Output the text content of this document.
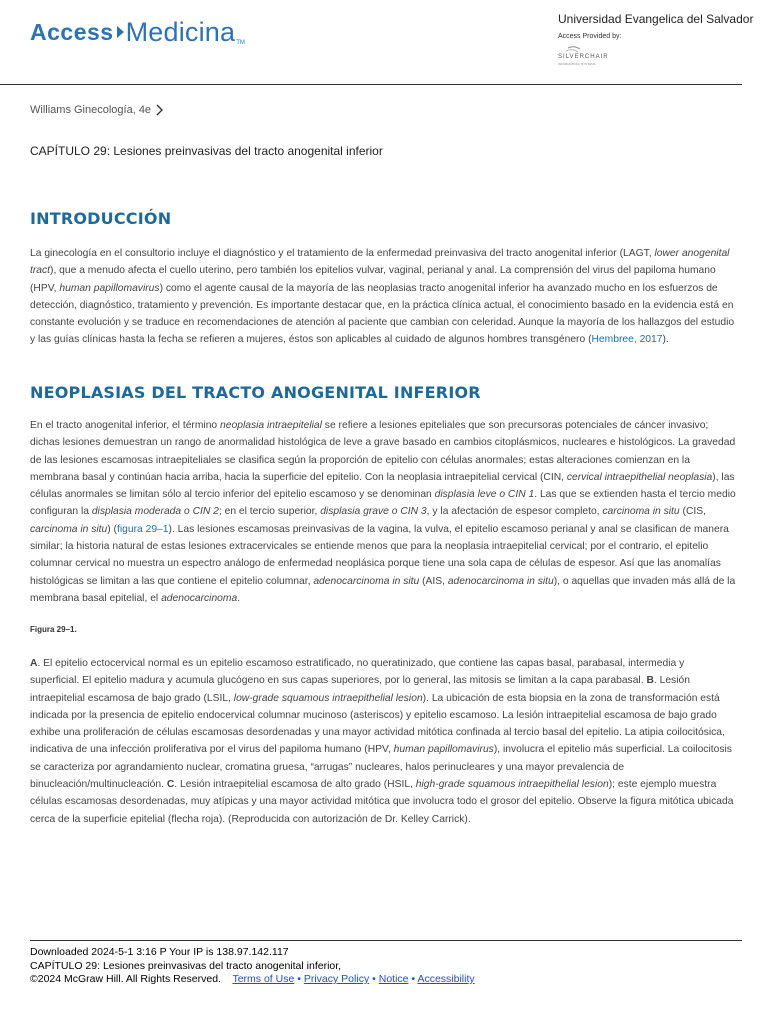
Access Medicina TM
Universidad Evangelica del Salvador
Access Provided by:
SILVERCHAIR
INFORMATION / SYSTEMS
Williams Ginecología, 4e
CAPÍTULO 29: Lesiones preinvasivas del tracto anogenital inferior
INTRODUCCIÓN

La ginecología en el consultorio incluye el diagnóstico y el tratamiento de la enfermedad preinvasiva del tracto anogenital inferior (LAGT, lower anogenital tract), que a menudo afecta el cuello uterino, pero también los epitelios vulvar, vaginal, perianal y anal. La comprensión del virus del papiloma humano (HPV, human papillomavirus) como el agente causal de la mayoría de las neoplasias tracto anogenital inferior ha avanzado mucho en los esfuerzos de detección, diagnóstico, tratamiento y prevención. Es importante destacar que, en la práctica clínica actual, el conocimiento basado en la evidencia está en constante evolución y se traduce en recomendaciones de atención al paciente que cambian con celeridad. Aunque la mayoría de los hallazgos del estudio y las guías clínicas hasta la fecha se refieren a mujeres, éstos son aplicables al cuidado de algunos hombres transgénero (Hembree, 2017).

NEOPLASIAS DEL TRACTO ANOGENITAL INFERIOR

En el tracto anogenital inferior, el término neoplasia intraepitelial se refiere a lesiones epiteliales que son precursoras potenciales de cáncer invasivo; dichas lesiones demuestran un rango de anormalidad histológica de leve a grave basado en cambios citoplásmicos, nucleares e histológicos. La gravedad de las lesiones escamosas intraepiteliales se clasifica según la proporción de epitelio con células anormales; estas alteraciones comienzan en la membrana basal y continúan hacia arriba, hacia la superficie del epitelio. Con la neoplasia intraepitelial cervical (CIN, cervical intraepithelial neoplasia), las células anormales se limitan sólo al tercio inferior del epitelio escamoso y se denominan displasia leve o CIN 1. Las que se extienden hasta el tercio medio configuran la displasia moderada o CIN 2; en el tercio superior, displasia grave o CIN 3, y la afectación de espesor completo, carcinoma in situ (CIS, carcinoma in situ) (figura 29–1). Las lesiones escamosas preinvasivas de la vagina, la vulva, el epitelio escamoso perianal y anal se clasifican de manera similar; la historia natural de estas lesiones extracervicales se entiende menos que para la neoplasia intraepitelial cervical; por el contrario, el epitelio columnar cervical no muestra un espectro análogo de enfermedad neoplásica porque tiene una sola capa de células de espesor. Así que las anomalías histológicas se limitan a las que contiene el epitelio columnar, adenocarcinoma in situ (AIS, adenocarcinoma in situ), o aquellas que invaden más allá de la membrana basal epitelial, el adenocarcinoma.

Figura 29–1.

A. El epitelio ectocervical normal es un epitelio escamoso estratificado, no queratinizado, que contiene las capas basal, parabasal, intermedia y superficial. El epitelio madura y acumula glucógeno en sus capas superiores, por lo general, las mitosis se limitan a la capa parabasal. B. Lesión intraepitelial escamosa de bajo grado (LSIL, low-grade squamous intraepithelial lesion). La ubicación de esta biopsia en la zona de transformación está indicada por la presencia de epitelio endocervical columnar mucinoso (asteriscos) y epitelio escamoso. La lesión intraepitelial escamosa de bajo grado exhibe una proliferación de células escamosas desordenadas y una mayor actividad mitótica confinada al tercio basal del epitelio. La atipia coilocitósica, indicativa de una infección proliferativa por el virus del papiloma humano (HPV, human papillomavirus), involucra el epitelio más superficial. La coilocitosis se caracteriza por agrandamiento nuclear, cromatina gruesa, “arrugas” nucleares, halos perinucleares y una mayor prevalencia de binucleación/multinucleación. C. Lesión intraepitelial escamosa de alto grado (HSIL, high-grade squamous intraepithelial lesion); este ejemplo muestra células escamosas desordenadas, muy atípicas y una mayor actividad mitótica que involucra todo el grosor del epitelio. Observe la figura mitótica ubicada cerca de la superficie epitelial (flecha roja). (Reproducida con autorización de Dr. Kelley Carrick).

Downloaded 2024-5-1 3:16 P Your IP is 138.97.142.117
CAPÍTULO 29: Lesiones preinvasivas del tracto anogenital inferior,
©2024 McGraw Hill. All Rights Reserved. Terms of Use • Privacy Policy • Notice • Accessibility
